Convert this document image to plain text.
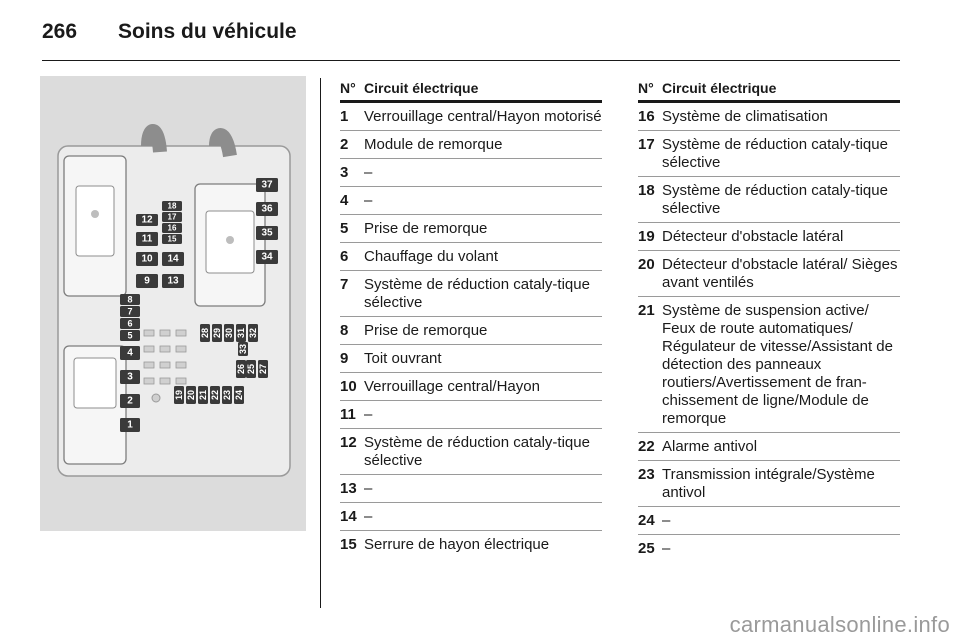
266 Soins du véhicule
1
2
3
4
5
6
7
8
9
10
11
12
13
14
15
16
17
18
19 20 21 22 23 24
25
26 27
28 29 30 31 32
33
34
35
36
37
N° Circuit électrique
1	Verrouillage central/Hayon motorisé
2	Module de remorque
3	–
4	–
5	Prise de remorque
6	Chauffage du volant
7	Système de réduction cataly-tique sélective
8	Prise de remorque
9	Toit ouvrant
10 Verrouillage central/Hayon
11 –
12 Système de réduction cataly-tique sélective
13 –
14 –
15 Serrure de hayon électrique
N° Circuit électrique
16 Système de climatisation
17 Système de réduction cataly-tique sélective
18 Système de réduction cataly-tique sélective
19 Détecteur d'obstacle latéral
20 Détecteur d'obstacle latéral/ Sièges avant ventilés
21 Système de suspension active/ Feux de route automatiques/ Régulateur de vitesse/Assistant de détection des panneaux routiers/Avertissement de fran-chissement de ligne/Module de remorque
22 Alarme antivol
23 Transmission intégrale/Système antivol
24 –
25 –
carmanualsonline.info
